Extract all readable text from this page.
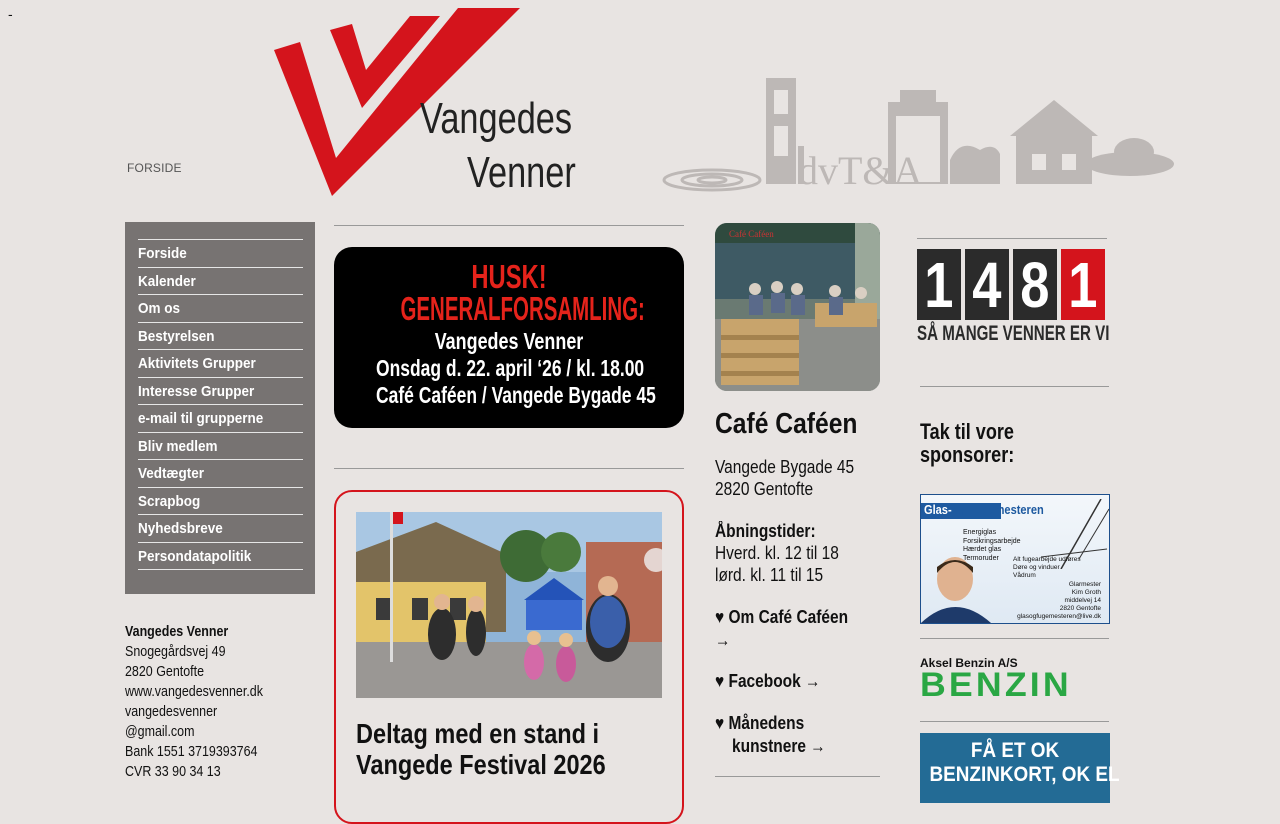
-
FORSIDE
Vangedes
Venner	dvT&A
Forside
Kalender
Om os
Bestyrelsen
Aktivitets Grupper
Interesse Grupper
e-mail til grupperne
Bliv medlem
Vedtægter
Scrapbog
Nyhedsbreve
Persondatapolitik
Vangedes Venner
Snogegårdsvej 49
2820 Gentofte
www.vangedesvenner.dk
vangedesvenner
@gmail.com
Bank 1551 3719393764
CVR 33 90 34 13
HUSK!
GENERALFORSAMLING:
Vangedes Venner
Onsdag d. 22. april ‘26 / kl. 18.00
Café Caféen / Vangede Bygade 45
Deltag med en stand i
Vangede Festival 2026
Café Caféen
Café Caféen
Vangede Bygade 45
2820 Gentofte
Åbningstider:
Hverd. kl. 12 til 18
lørd. kl. 11 til 15
♥ Om Café Caféen
→
♥ Facebook →
♥ Månedens
kunstnere →
1 4 8 1
SÅ MANGE VENNER ER VI
Tak til vore
sponsorer:
Glas-og Fugemesteren
Energiglas
Forsikringsarbejde
Hærdet glas
Termoruder	Alt fugearbejde udføres
Døre og vinduer
Vådrum
Glarmester
Kim Groth
middelvej 14
2820 Gentofte
glasogfugemesteren@live.dk
Aksel Benzin A/S
BENZIN
FÅ ET OK
BENZINKORT, OK EL
